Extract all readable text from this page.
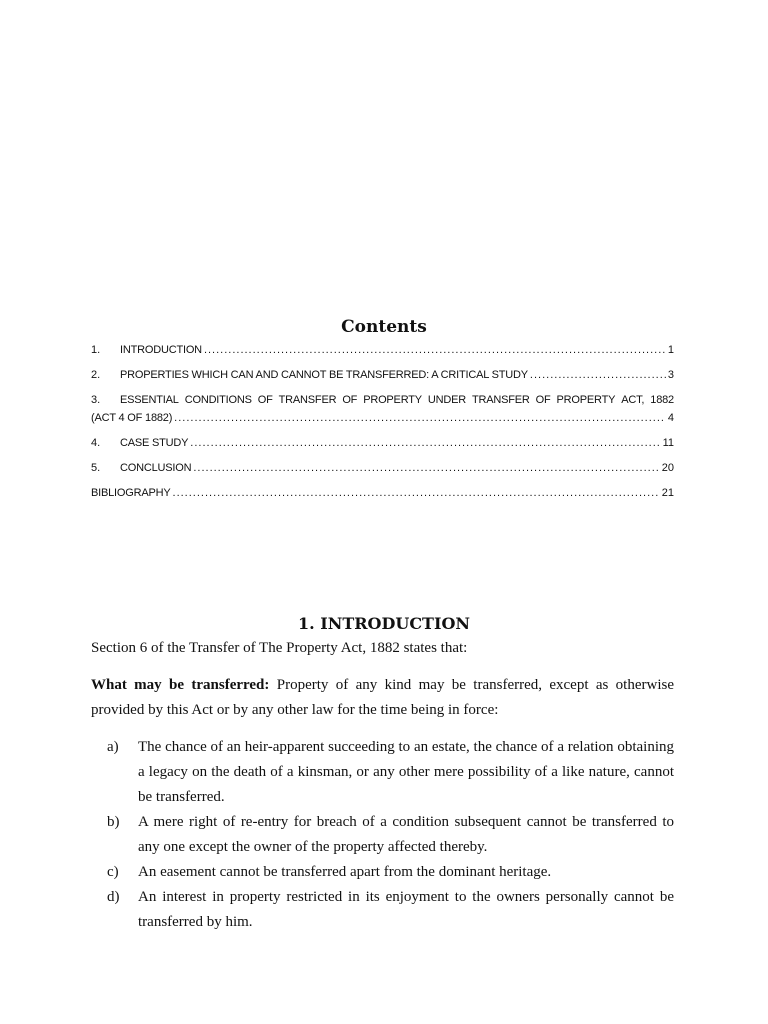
Contents
1.	INTRODUCTION .....	1
2.	PROPERTIES WHICH CAN AND CANNOT BE TRANSFERRED: A CRITICAL STUDY .....	3
3.	ESSENTIAL CONDITIONS OF TRANSFER OF PROPERTY UNDER TRANSFER OF PROPERTY ACT, 1882
(ACT 4 OF 1882) .....	4
4.	CASE STUDY .....	11
5.	CONCLUSION .....	20
BIBLIOGRAPHY .....	21
1. INTRODUCTION

Section 6 of the Transfer of The Property Act, 1882 states that:

What may be transferred: Property of any kind may be transferred, except as otherwise provided by this Act or by any other law for the time being in force:

a) The chance of an heir-apparent succeeding to an estate, the chance of a relation obtaining a legacy on the death of a kinsman, or any other mere possibility of a like nature, cannot be transferred.
b) A mere right of re-entry for breach of a condition subsequent cannot be transferred to any one except the owner of the property affected thereby.
c) An easement cannot be transferred apart from the dominant heritage.
d) An interest in property restricted in its enjoyment to the owners personally cannot be transferred by him.
